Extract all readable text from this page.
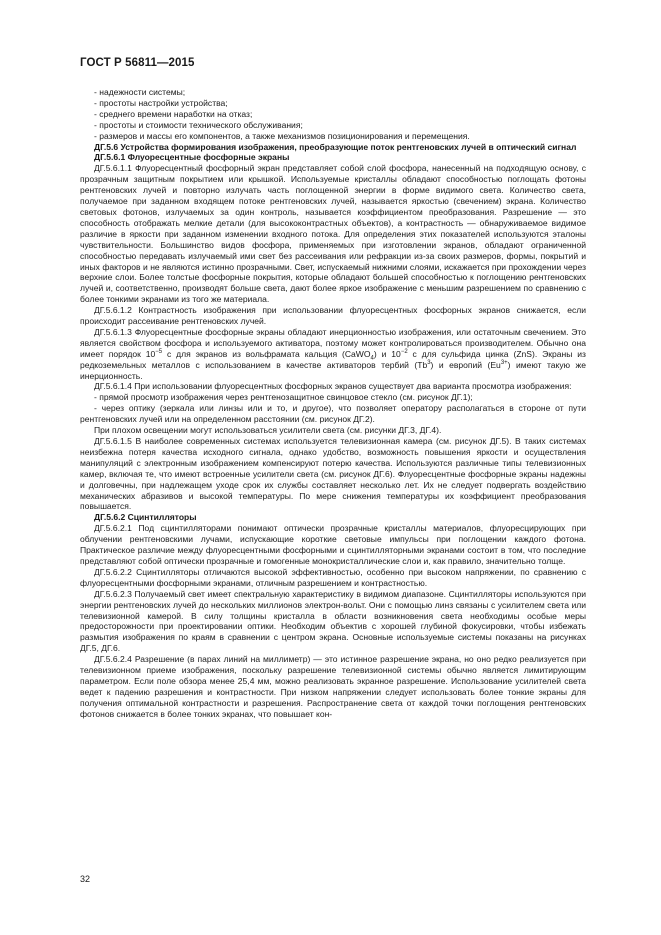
ГОСТ Р 56811—2015

- надежности системы;

- простоты настройки устройства;

- среднего времени наработки на отказ;

- простоты и стоимости технического обслуживания;

- размеров и массы его компонентов, а также механизмов позиционирования и перемещения.

ДГ.5.6 Устройства формирования изображения, преобразующие поток рентгеновских лучей в оптический сигнал

ДГ.5.6.1 Флуоресцентные фосфорные экраны

ДГ.5.6.1.1 Флуоресцентный фосфорный экран представляет собой слой фосфора, нанесенный на подходящую основу, с прозрачным защитным покрытием или крышкой. Используемые кристаллы обладают способностью поглощать фотоны рентгеновских лучей и повторно излучать часть поглощенной энергии в форме видимого света. Количество света, получаемое при заданном входящем потоке рентгеновских лучей, называется яркостью (свечением) экрана. Количество световых фотонов, излучаемых за один контроль, называется коэффициентом преобразования. Разрешение — это способность отображать мелкие детали (для высококонтрастных объектов), а контрастность — обнаруживаемое видимое различие в яркости при заданном изменении входного потока. Для определения этих показателей используются эталоны чувствительности. Большинство видов фосфора, применяемых при изготовлении экранов, обладают ограниченной способностью передавать излучаемый ими свет без рассеивания или рефракции из-за своих размеров, формы, покрытий и иных факторов и не являются истинно прозрачными. Свет, испускаемый нижними слоями, искажается при прохождении через верхние слои. Более толстые фосфорные покрытия, которые обладают большей способностью к поглощению рентгеновских лучей и, соответственно, производят больше света, дают более яркое изображение с меньшим разрешением по сравнению с более тонкими экранами из того же материала.

ДГ.5.6.1.2 Контрастность изображения при использовании флуоресцентных фосфорных экранов снижается, если происходит рассеивание рентгеновских лучей.

ДГ.5.6.1.3 Флуоресцентные фосфорные экраны обладают инерционностью изображения, или остаточным свечением. Это является свойством фосфора и используемого активатора, поэтому может контролироваться производителем. Обычно она имеет порядок $10^{-5}$ с для экранов из вольфрамата кальция (CaWO$_4$) и $10^{-2}$ с для сульфида цинка (ZnS). Экраны из редкоземельных металлов с использованием в качестве активаторов тербий (Tb$^3$) и европий $(Eu^{3+})$ имеют такую же инерционность.

ДГ.5.6.1.4 При использовании флуоресцентных фосфорных экранов существует два варианта просмотра изображения:

- прямой просмотр изображения через рентгенозащитное свинцовое стекло (см. рисунок ДГ.1);

- через оптику (зеркала или линзы или и то, и другое), что позволяет оператору располагаться в стороне от пути рентгеновских лучей или на определенном расстоянии (см. рисунок ДГ.2).

При плохом освещении могут использоваться усилители света (см. рисунки ДГ.3, ДГ.4).

ДГ.5.6.1.5 В наиболее современных системах используется телевизионная камера (см. рисунок ДГ.5). В таких системах неизбежна потеря качества исходного сигнала, однако удобство, возможность повышения яркости и осуществления манипуляций с электронным изображением компенсируют потерю качества. Используются различные типы телевизионных камер, включая те, что имеют встроенные усилители света (см. рисунок ДГ.6). Флуоресцентные фосфорные экраны надежны и долговечны, при надлежащем уходе срок их службы составляет несколько лет. Их не следует подвергать воздействию механических абразивов и высокой температуры. По мере снижения температуры их коэффициент преобразования повышается.

ДГ.5.6.2 Сцинтилляторы

ДГ.5.6.2.1 Под сцинтилляторами понимают оптически прозрачные кристаллы материалов, флуоресцирующих при облучении рентгеновскими лучами, испускающие короткие световые импульсы при поглощении каждого фотона. Практическое различие между флуоресцентными фосфорными и сцинтилляторными экранами состоит в том, что последние представляют собой оптически прозрачные и гомогенные монокристаллические слои и, как правило, значительно толще.

ДГ.5.6.2.2 Сцинтилляторы отличаются высокой эффективностью, особенно при высоком напряжении, по сравнению с флуоресцентными фосфорными экранами, отличным разрешением и контрастностью.

ДГ.5.6.2.3 Получаемый свет имеет спектральную характеристику в видимом диапазоне. Сцинтилляторы используются при энергии рентгеновских лучей до нескольких миллионов электрон-вольт. Они с помощью линз связаны с усилителем света или телевизионной камерой. В силу толщины кристалла в области возникновения света необходимы особые меры предосторожности при проектировании оптики. Необходим объектив с хорошей глубиной фокусировки, чтобы избежать размытия изображения по краям в сравнении с центром экрана. Основные используемые системы показаны на рисунках ДГ.5, ДГ.6.

ДГ.5.6.2.4 Разрешение (в парах линий на миллиметр) — это истинное разрешение экрана, но оно редко реализуется при телевизионном приеме изображения, поскольку разрешение телевизионной системы обычно является лимитирующим параметром. Если поле обзора менее 25,4 мм, можно реализовать экранное разрешение. Использование усилителей света ведет к падению разрешения и контрастности. При низком напряжении следует использовать более тонкие экраны для получения оптимальной контрастности и разрешения. Распространение света от каждой точки поглощения рентгеновских фотонов снижается в более тонких экранах, что повышает кон-

32
